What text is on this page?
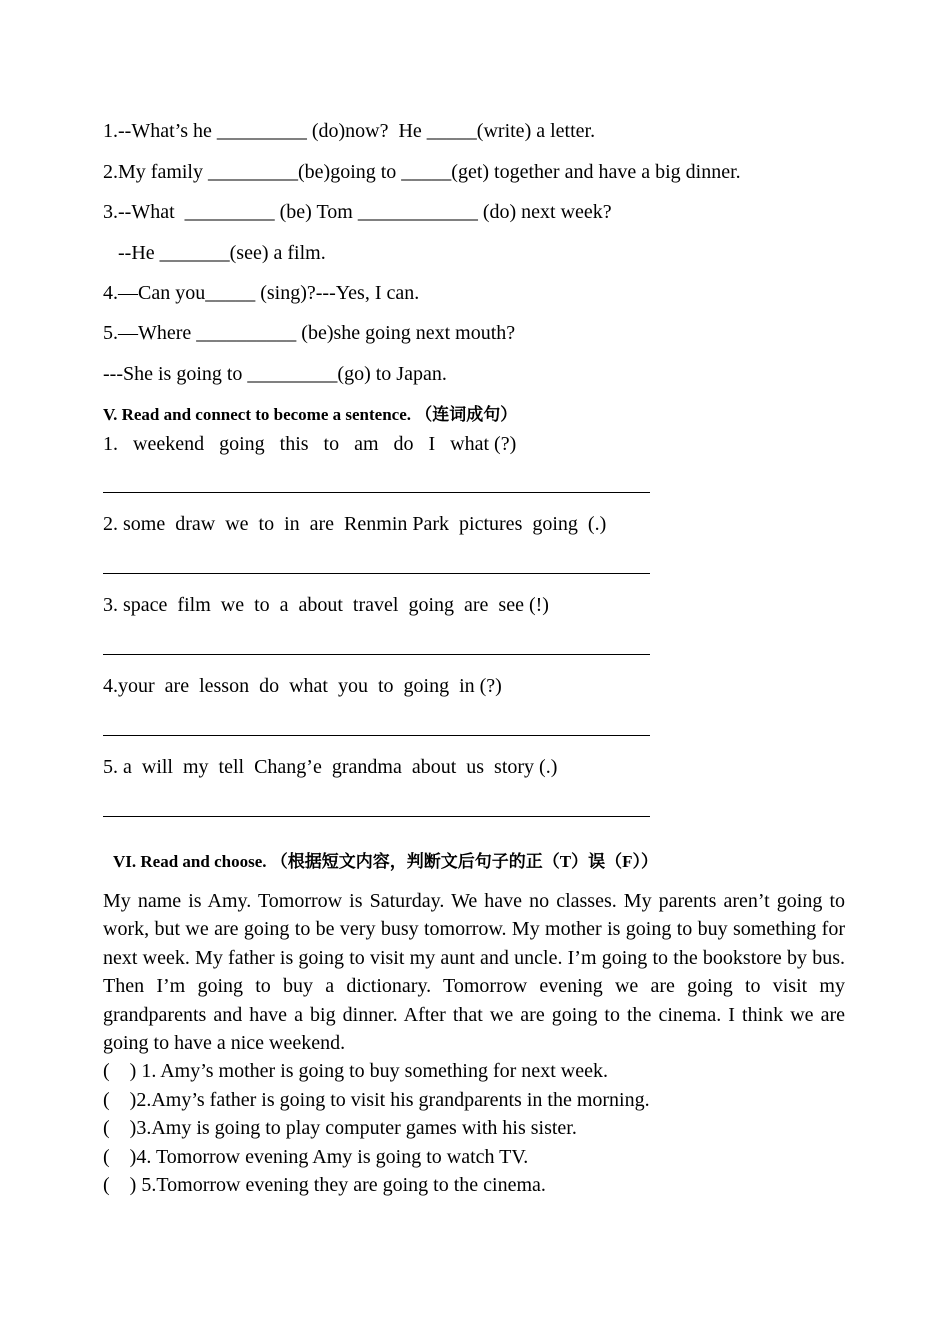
1.--What’s he _________ (do)now?  He _____(write) a letter.
2.My family _________(be)going to _____(get) together and have a big dinner.
3.--What  _________ (be) Tom ____________ (do) next week?
--He _______(see) a film.
4.—Can you_____ (sing)?---Yes, I can.
5.—Where __________ (be)she going next mouth?
---She is going to _________(go) to Japan.
V. Read and connect to become a sentence. （连词成句）
1.   weekend   going   this   to   am   do   I   what (?)
2. some  draw  we  to  in  are  Renmin Park  pictures  going  (.)
3. space  film  we  to  a  about  travel  going  are  see (!)
4.your  are  lesson  do  what  you  to  going  in (?)
5. a  will  my  tell  Chang’e  grandma  about  us  story (.)
VI. Read and choose. （根据短文内容，判断文后句子的正（T）误（F））
My name is Amy. Tomorrow is Saturday. We have no classes. My parents aren’t going to work, but we are going to be very busy tomorrow. My mother is going to buy something for next week. My father is going to visit my aunt and uncle. I’m going to the bookstore by bus. Then I’m going to buy a dictionary. Tomorrow evening we are going to visit my grandparents and have a big dinner. After that we are going to the cinema. I think we are going to have a nice weekend.
(    ) 1. Amy’s mother is going to buy something for next week.
(    )2.Amy’s father is going to visit his grandparents in the morning.
(    )3.Amy is going to play computer games with his sister.
(    )4. Tomorrow evening Amy is going to watch TV.
(    ) 5.Tomorrow evening they are going to the cinema.
